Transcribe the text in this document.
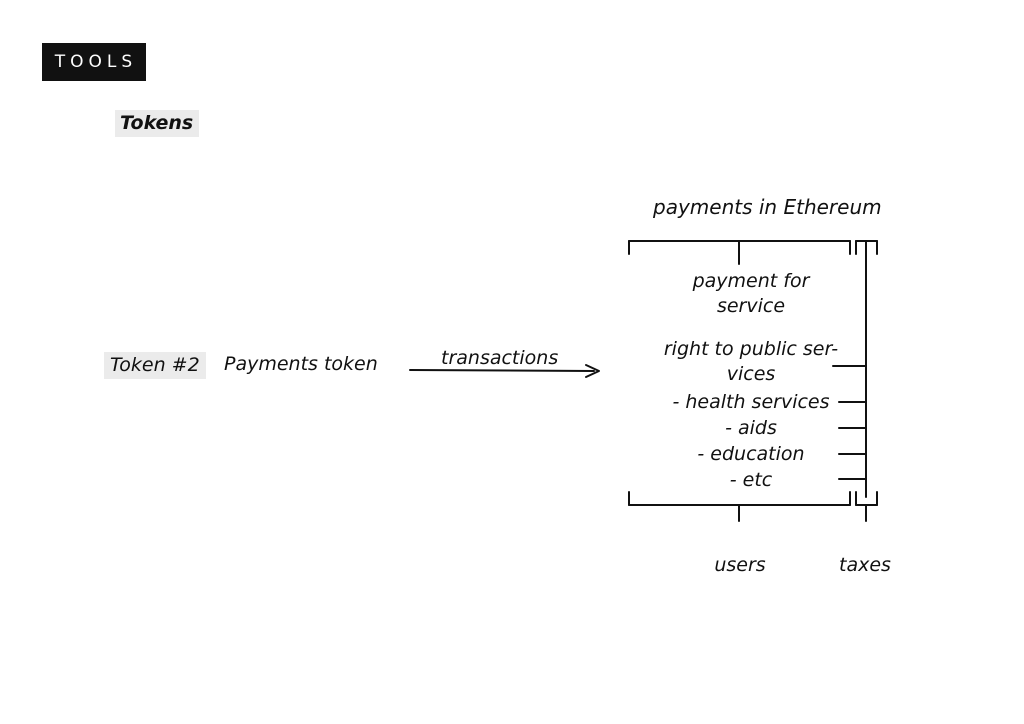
TOOLS
Tokens
Token #2	Payments token	transactions
payments in Ethereum
payment for
service
right to public ser-
vices
- health services
- aids
- education
- etc
users	taxes
